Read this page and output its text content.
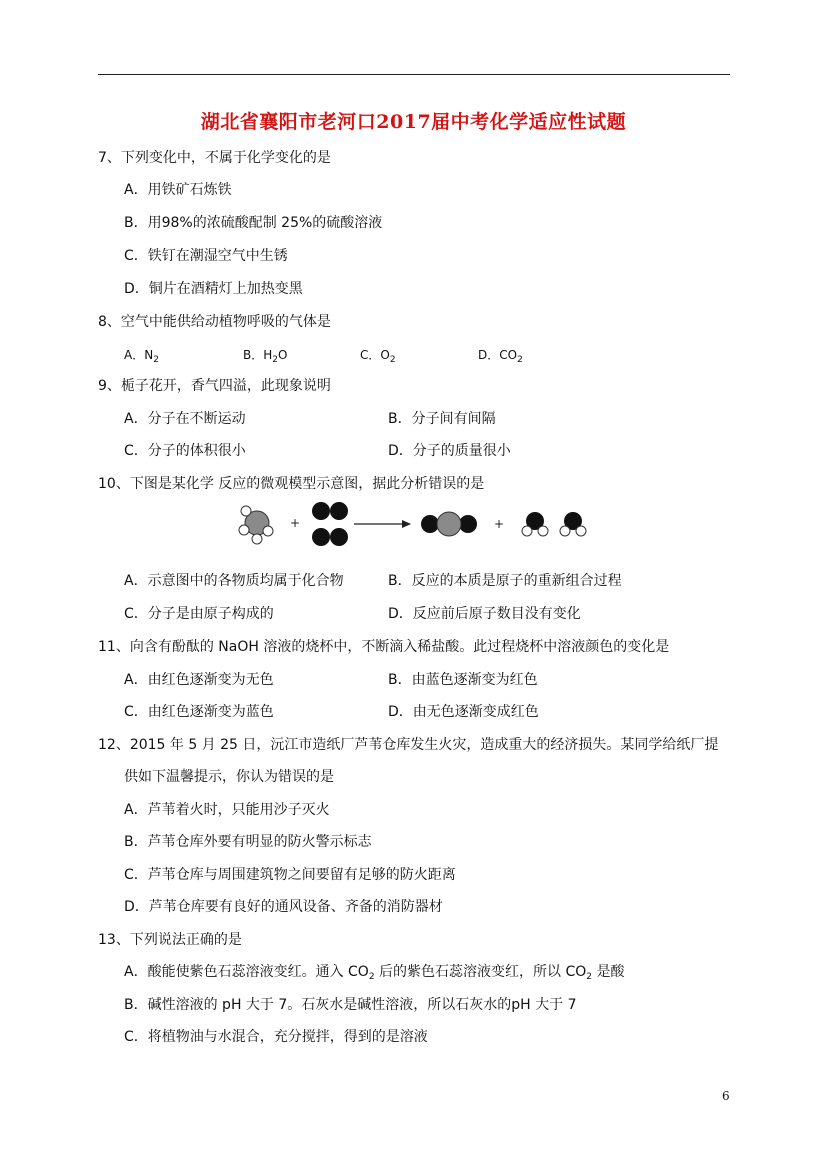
湖北省襄阳市老河口2017届中考化学适应性试题
7、下列变化中，不属于化学变化的是
A．用铁矿石炼铁
B．用98%的浓硫酸配制 25%的硫酸溶液
C．铁钉在潮湿空气中生锈
D．铜片在酒精灯上加热变黑
8、空气中能供给动植物呼吸的气体是
A．$N_2$	B．$H_2O$	C．$O_2$	D．$CO_2$
9、栀子花开，香气四溢，此现象说明
A．分子在不断运动	B．分子间有间隔
C．分子的体积很小	D．分子的质量很小
10、下图是某化学 反应的微观模型示意图，据此分析错误的是
+	+
A．示意图中的各物质均属于化合物	B．反应的本质是原子的重新组合过程
C．分子是由原子构成的	D．反应前后原子数目没有变化
11、向含有酚酞的 NaOH 溶液的烧杯中，不断滴入稀盐酸。此过程烧杯中溶液颜色的变化是
A．由红色逐渐变为无色	B．由蓝色逐渐变为红色
C．由红色逐渐变为蓝色	D．由无色逐渐变成红色
12、2015 年 5 月 25 日，沅江市造纸厂芦苇仓库发生火灾，造成重大的经济损失。某同学给纸厂提
供如下温馨提示，你认为错误的是
A．芦苇着火时，只能用沙子灭火
B．芦苇仓库外要有明显的防火警示标志
C．芦苇仓库与周围建筑物之间要留有足够的防火距离
D．芦苇仓库要有良好的通风设备、齐备的消防器材
13、下列说法正确的是
A．酸能使紫色石蕊溶液变红。通入 $CO_2$ 后的紫色石蕊溶液变红，所以 $CO_2$ 是酸
B．碱性溶液的 pH 大于 7。石灰水是碱性溶液，所以石灰水的pH 大于 7
C．将植物油与水混合，充分搅拌，得到的是溶液
6
